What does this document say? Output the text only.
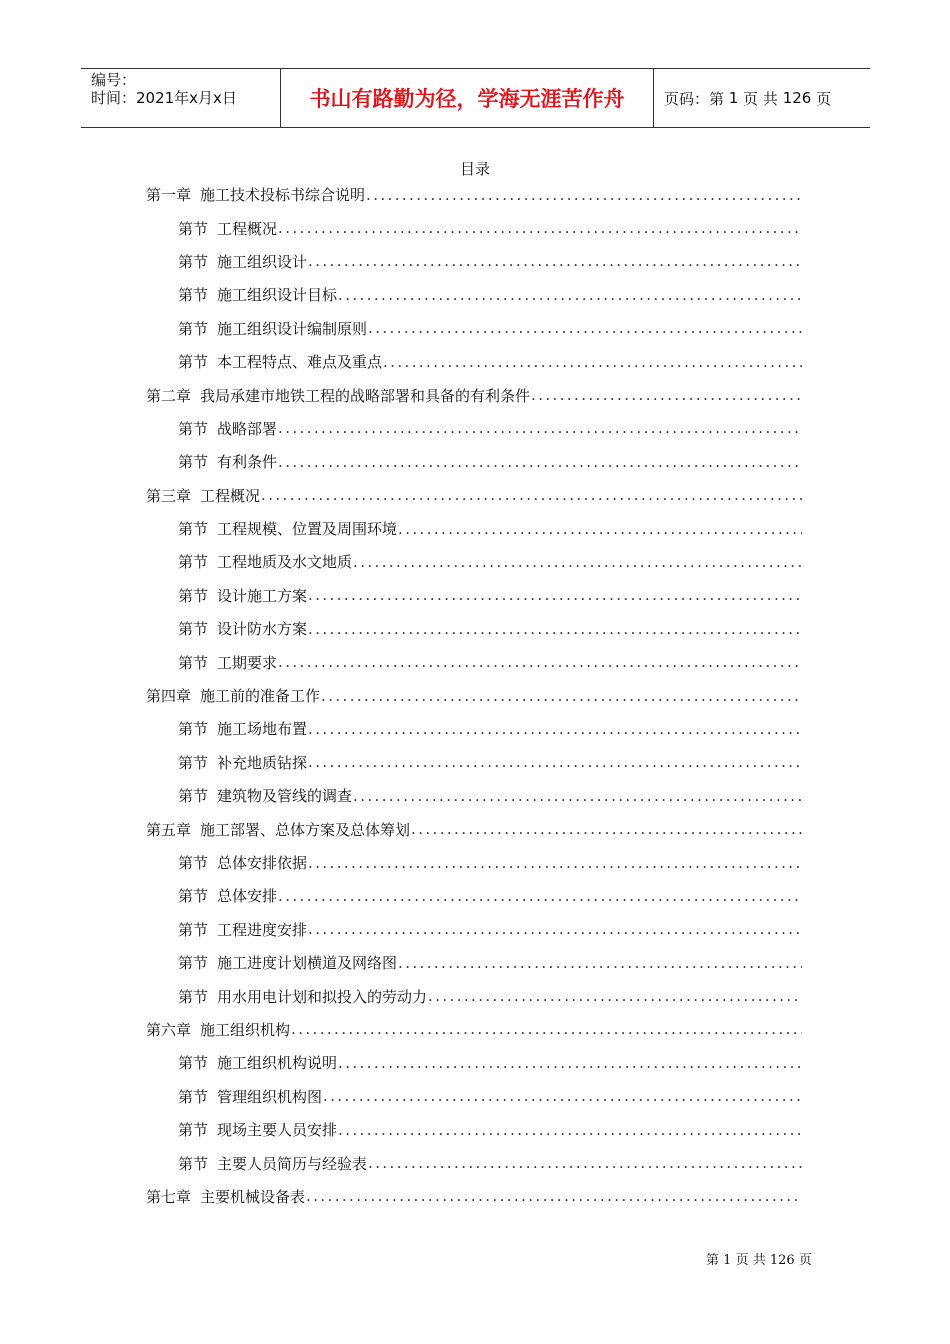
编号：
时间：2021年x月x日	书山有路勤为径，学海无涯苦作舟	页码：第
1
页 共
126
页
目录
第一章 施工技术投标书综合说明
.....
第节 工程概况
.....
第节 施工组织设计
.....
第节 施工组织设计目标
.....
第节 施工组织设计编制原则
.....
第节 本工程特点、难点及重点
.....
第二章 我局承建市地铁工程的战略部署和具备的有利条件
.....
第节 战略部署
.....
第节 有利条件
.....
第三章 工程概况
.....
第节 工程规模、位置及周围环境
.....
第节 工程地质及水文地质
.....
第节 设计施工方案
.....
第节 设计防水方案
.....
第节 工期要求
.....
第四章 施工前的准备工作
.....
第节 施工场地布置
.....
第节 补充地质钻探
.....
第节 建筑物及管线的调查
.....
第五章 施工部署、总体方案及总体筹划
.....
第节 总体安排依据
.....
第节 总体安排
.....
第节 工程进度安排
.....
第节 施工进度计划横道及网络图
.....
第节 用水用电计划和拟投入的劳动力
.....
第六章 施工组织机构
.....
第节 施工组织机构说明
.....
第节 管理组织机构图
.....
第节 现场主要人员安排
.....
第节 主要人员简历与经验表
.....
第七章 主要机械设备表
.....
第 1 页 共 126 页
